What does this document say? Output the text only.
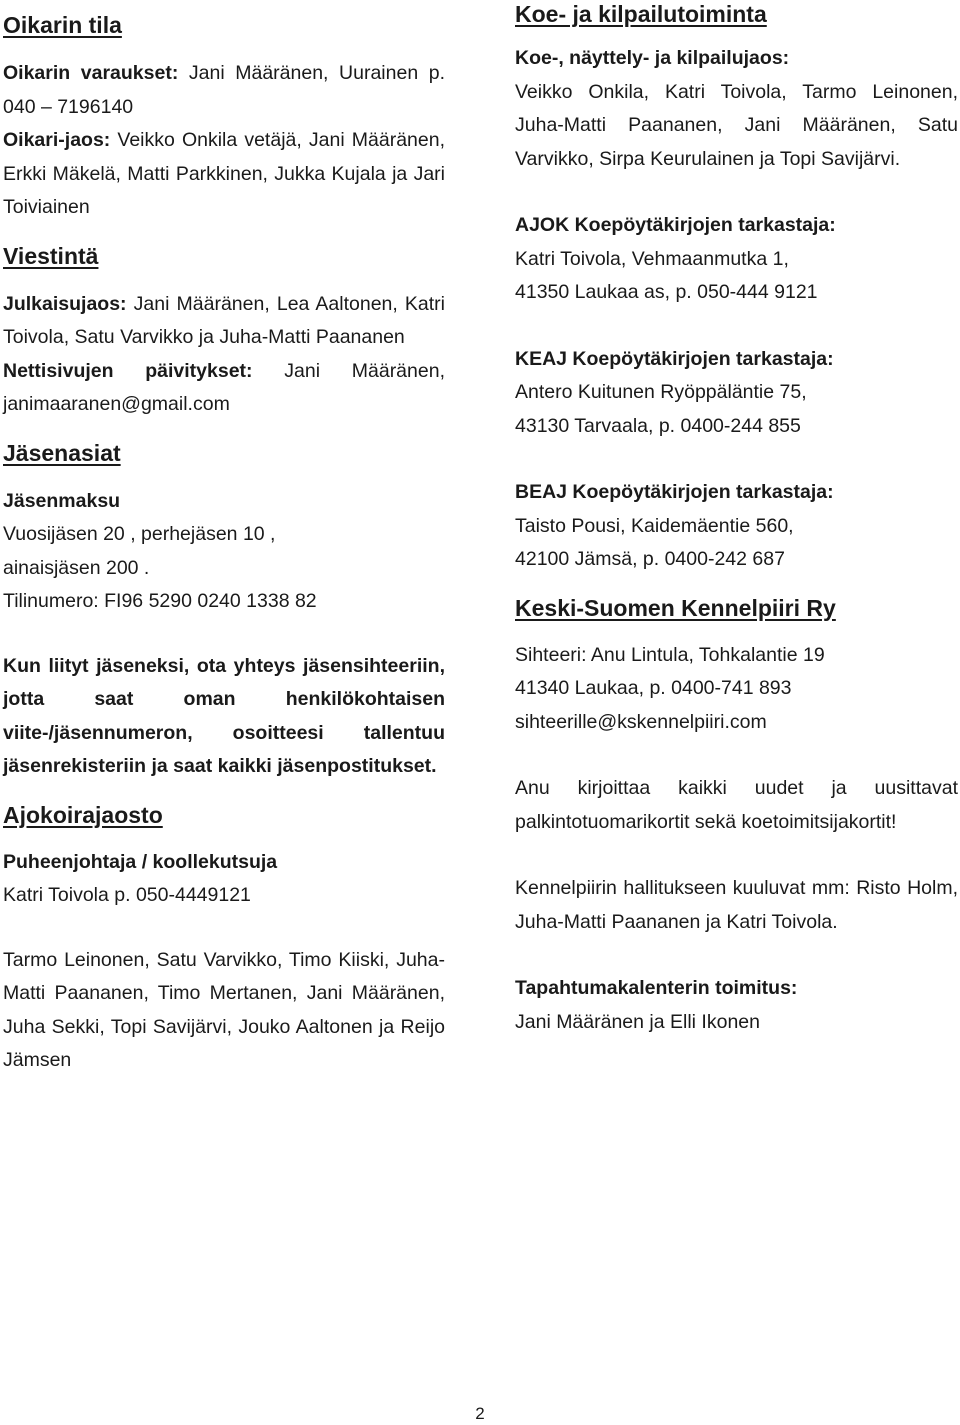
Oikarin tila

Oikarin varaukset: Jani Määränen, Uurainen p. 040 – 7196140

Oikari-jaos: Veikko Onkila vetäjä, Jani Määränen, Erkki Mäkelä, Matti Parkkinen, Jukka Kujala ja Jari Toiviainen

Viestintä

Julkaisujaos: Jani Määränen, Lea Aaltonen, Katri Toivola, Satu Varvikko ja Juha-Matti Paananen

Nettisivujen päivitykset: Jani Määränen, janimaaranen@gmail.com

Jäsenasiat

Jäsenmaksu

Vuosijäsen 20 , perhejäsen 10 , ainaisjäsen 200 .

Tilinumero: FI96 5290 0240 1338 82

Kun liityt jäseneksi, ota yhteys jäsensihteeriin, jotta saat oman henkilökohtaisen viite-/jäsennumeron, osoitteesi tallentuu jäsenrekisteriin ja saat kaikki jäsenpostitukset.

Ajokoirajaosto

Puheenjohtaja / koollekutsuja

Katri Toivola p. 050-4449121

Tarmo Leinonen, Satu Varvikko, Timo Kiiski, Juha-Matti Paananen, Timo Mertanen, Jani Määränen, Juha Sekki, Topi Savijärvi, Jouko Aaltonen ja Reijo Jämsen

Koe- ja kilpailutoiminta

Koe-, näyttely- ja kilpailujaos:

Veikko Onkila, Katri Toivola, Tarmo Leinonen, Juha-Matti Paananen, Jani Määränen, Satu Varvikko, Sirpa Keurulainen ja Topi Savijärvi.

AJOK Koepöytäkirjojen tarkastaja:

Katri Toivola, Vehmaanmutka 1,

41350 Laukaa as, p. 050-444 9121

KEAJ Koepöytäkirjojen tarkastaja:

Antero Kuitunen Ryöppäläntie 75,

43130 Tarvaala, p. 0400-244 855

BEAJ Koepöytäkirjojen tarkastaja:

Taisto Pousi, Kaidemäentie 560,

42100 Jämsä, p. 0400-242 687

Keski-Suomen Kennelpiiri Ry

Sihteeri: Anu Lintula, Tohkalantie 19

41340 Laukaa, p. 0400-741 893

sihteerille@kskennelpiiri.com

Anu kirjoittaa kaikki uudet ja uusittavat palkintotuomarikortit sekä koetoimitsijakortit!

Kennelpiirin hallitukseen kuuluvat mm: Risto Holm, Juha-Matti Paananen ja Katri Toivola.

Tapahtumakalenterin toimitus:

Jani Määränen ja Elli Ikonen

2
